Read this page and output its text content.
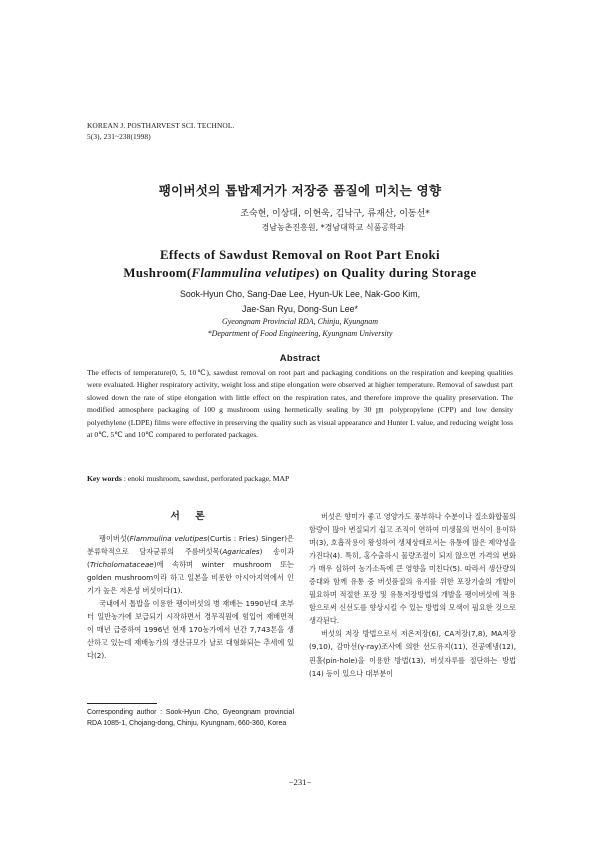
KOREAN J. POSTHARVEST SCI. TECHNOL.
5(3), 231~238(1998)
팽이버섯의 톱밥제거가 저장중 품질에 미치는 영향
조숙현, 이상대, 이현욱, 김낙구, 류재산, 이동선*
경남농촌진흥원, *경남대학교 식품공학과
Effects of Sawdust Removal on Root Part Enoki
Mushroom(Flammulina velutipes) on Quality during Storage
Sook-Hyun Cho, Sang-Dae Lee, Hyun-Uk Lee, Nak-Goo Kim,
Jae-San Ryu, Dong-Sun Lee*
Gyeongnam Provincial RDA, Chinju, Kyungnam
*Department of Food Engineering, Kyungnam University
Abstract
The effects of temperature(0, 5, 10℃), sawdust removal on root part and packaging conditions on the respiration and keeping qualities were evaluated. Higher respiratory activity, weight loss and stipe elongation were observed at higher temperature. Removal of sawdust part slowed down the rate of stipe elongation with little effect on the respiration rates, and therefore improve the quality preservation. The modified atmosphere packaging of 100 g mushroom using hermetically sealing by 30 ㎛ polypropylene (CPP) and low density polyethylene (LDPE) films were effective in preserving the quality such as visual appearance and Hunter L value, and reducing weight loss at 0℃, 5℃ and 10℃ compared to perforated packages.
Key words : enoki mushroom, sawdust, perforated package, MAP
서 론

팽이버섯(Flammulina velutipes(Curtis : Fries) Singer)은 분류학적으로 담자균류의 주름버섯목(Agaricales) 송이과(Tricholomataceae)에 속하며 winter mushroom 또는 golden mushroom이라 하고 일본을 비롯한 아시아지역에서 인기가 높은 저온성 버섯이다(1).

국내에서 톱밥을 이용한 팽이버섯의 병 재배는 1990년대 초부터 일반농가에 보급되기 시작하면서 경무직원에 힘입어 재배면적이 매년 급증하여 1996년 현재 170농가에서 년간 7,743톤을 생산하고 있는데 재배농가의 생산규모가 날로 대형화되는 추세에 있다(2).

버섯은 향미가 좋고 영양가도 풍부하나 수분이나 질소화합물의 함량이 많아 변질되기 쉽고 조직이 연하여 미생물의 번식이 용이하며(3), 호흡작용이 왕성하여 생체상태로서는 유통에 많은 제약성을 가진다(4). 특히, 홍수출하시 물량조절이 되지 않으면 가격의 변화가 매우 심하여 농가소득에 큰 영향을 미친다(5). 따라서 생산량의 증대와 함께 유통 중 버섯품질의 유지를 위한 포장기술의 개발이 필요하며 적절한 포장 및 유통저장방법의 개발을 팽이버섯에 적용함으로써 신선도를 향상시킬 수 있는 방법의 모색이 필요한 것으로 생각된다.

버섯의 저장 방법으로서 저온저장(6), CA저장(7,8), MA저장(9,10), 감마선(γ-ray)조사에 의한 선도유지(11), 진공예냉(12), 핀홀(pin-hole)을 이용한 방법(13), 버섯자루를 절단하는 방법(14) 등이 있으나 대부분이

Corresponding author : Sook-Hyun Cho, Gyeongnam provincial RDA 1085-1, Chojang-dong, Chinju, Kyungnam, 660-360, Korea
−231−
